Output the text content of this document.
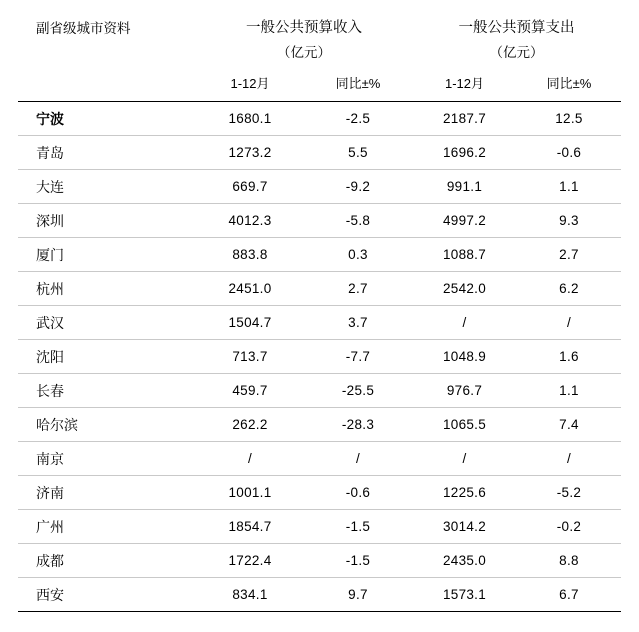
副省级城市资料	一般公共预算收入		一般公共预算支出	
	（亿元）		（亿元）	
	1-12月	同比±%	1-12月	同比±%

宁波	1680.1	-2.5	2187.7	12.5
青岛	1273.2	5.5	1696.2	-0.6
大连	669.7	-9.2	991.1	1.1
深圳	4012.3	-5.8	4997.2	9.3
厦门	883.8	0.3	1088.7	2.7
杭州	2451.0	2.7	2542.0	6.2
武汉	1504.7	3.7	/	/
沈阳	713.7	-7.7	1048.9	1.6
长春	459.7	-25.5	976.7	1.1
哈尔滨	262.2	-28.3	1065.5	7.4
南京	/	/	/	/
济南	1001.1	-0.6	1225.6	-5.2
广州	1854.7	-1.5	3014.2	-0.2
成都	1722.4	-1.5	2435.0	8.8
西安	834.1	9.7	1573.1	6.7
